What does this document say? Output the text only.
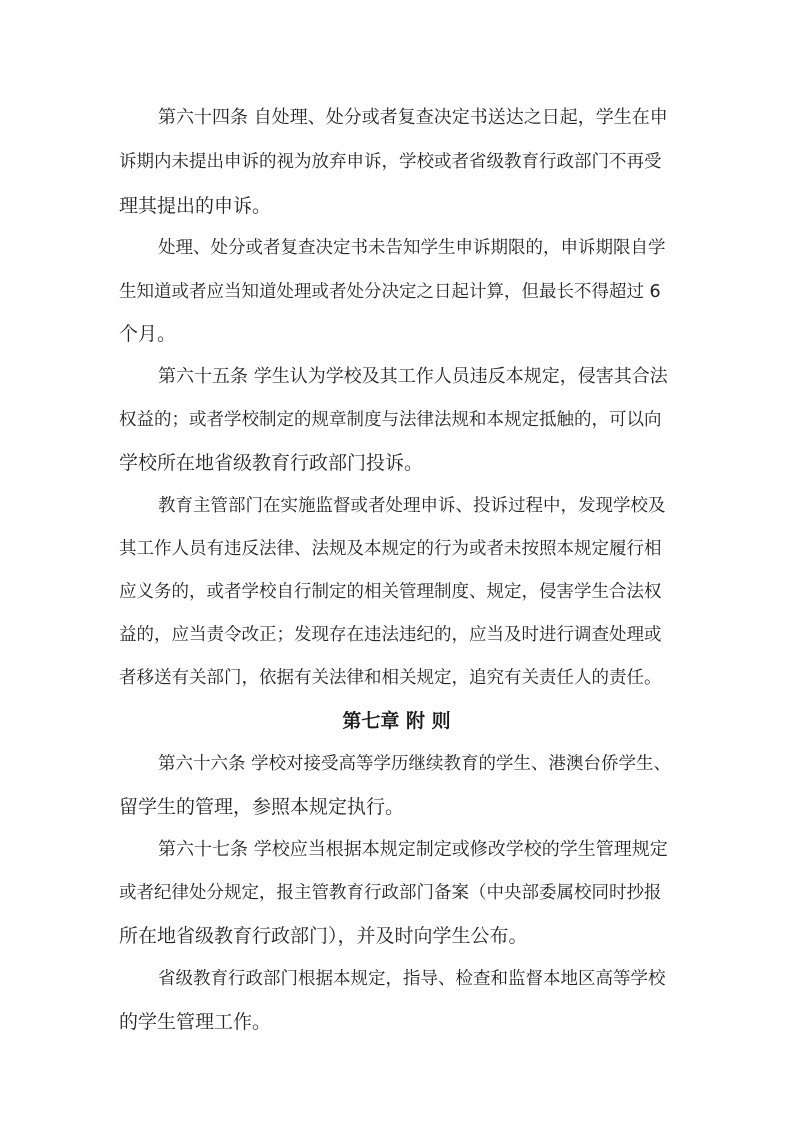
第六十四条 自处理、处分或者复查决定书送达之日起，学生在申
诉期内未提出申诉的视为放弃申诉，学校或者省级教育行政部门不再受
理其提出的申诉。
处理、处分或者复查决定书未告知学生申诉期限的，申诉期限自学
生知道或者应当知道处理或者处分决定之日起计算，但最长不得超过 6
个月。
第六十五条 学生认为学校及其工作人员违反本规定，侵害其合法
权益的；或者学校制定的规章制度与法律法规和本规定抵触的，可以向
学校所在地省级教育行政部门投诉。
教育主管部门在实施监督或者处理申诉、投诉过程中，发现学校及
其工作人员有违反法律、法规及本规定的行为或者未按照本规定履行相
应义务的，或者学校自行制定的相关管理制度、规定，侵害学生合法权
益的，应当责令改正；发现存在违法违纪的，应当及时进行调查处理或
者移送有关部门，依据有关法律和相关规定，追究有关责任人的责任。
第七章 附 则
第六十六条 学校对接受高等学历继续教育的学生、港澳台侨学生、
留学生的管理，参照本规定执行。
第六十七条 学校应当根据本规定制定或修改学校的学生管理规定
或者纪律处分规定，报主管教育行政部门备案（中央部委属校同时抄报
所在地省级教育行政部门），并及时向学生公布。
省级教育行政部门根据本规定，指导、检查和监督本地区高等学校
的学生管理工作。
